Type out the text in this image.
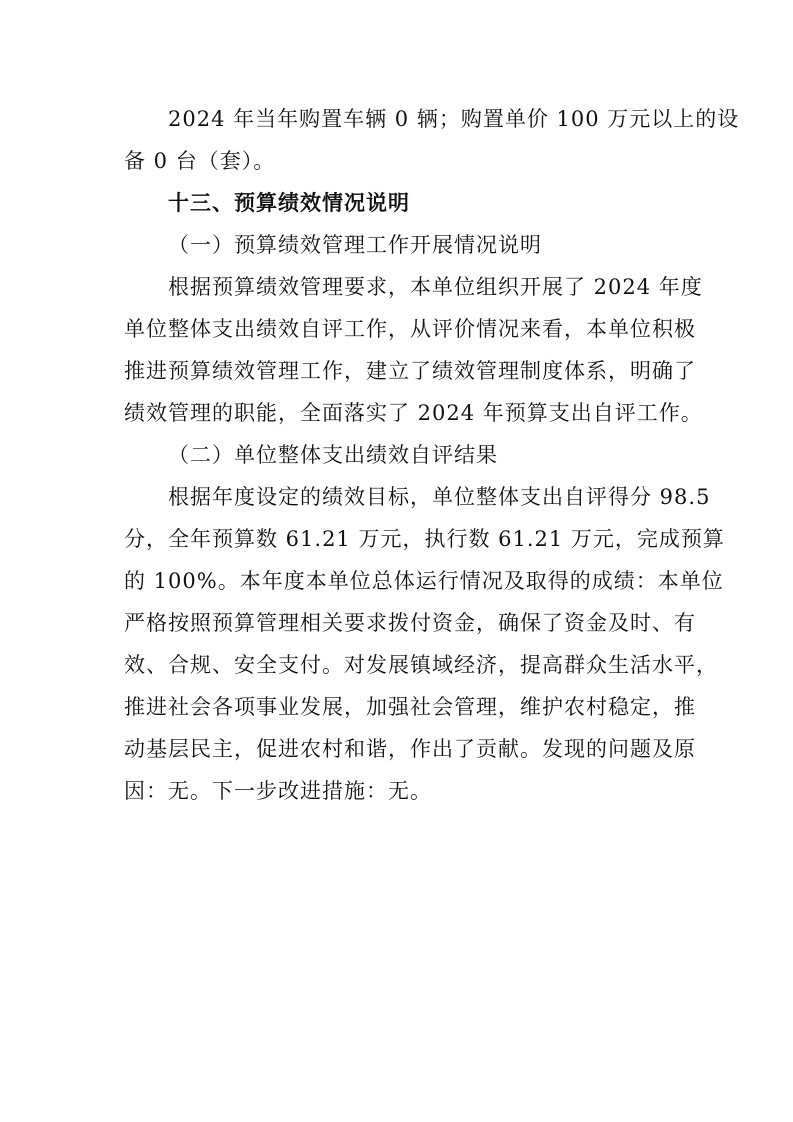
2024 年当年购置车辆 0 辆；购置单价 100 万元以上的设
备 0 台（套）。
十三、预算绩效情况说明
（一）预算绩效管理工作开展情况说明
根据预算绩效管理要求，本单位组织开展了 2024 年度
单位整体支出绩效自评工作，从评价情况来看，本单位积极
推进预算绩效管理工作，建立了绩效管理制度体系，明确了
绩效管理的职能，全面落实了 2024 年预算支出自评工作。
（二）单位整体支出绩效自评结果
根据年度设定的绩效目标，单位整体支出自评得分 98.5
分，全年预算数 61.21 万元，执行数 61.21 万元，完成预算
的 100%。本年度本单位总体运行情况及取得的成绩：本单位
严格按照预算管理相关要求拨付资金，确保了资金及时、有
效、合规、安全支付。对发展镇域经济，提高群众生活水平，
推进社会各项事业发展，加强社会管理，维护农村稳定，推
动基层民主，促进农村和谐，作出了贡献。发现的问题及原
因：无。下一步改进措施：无。
